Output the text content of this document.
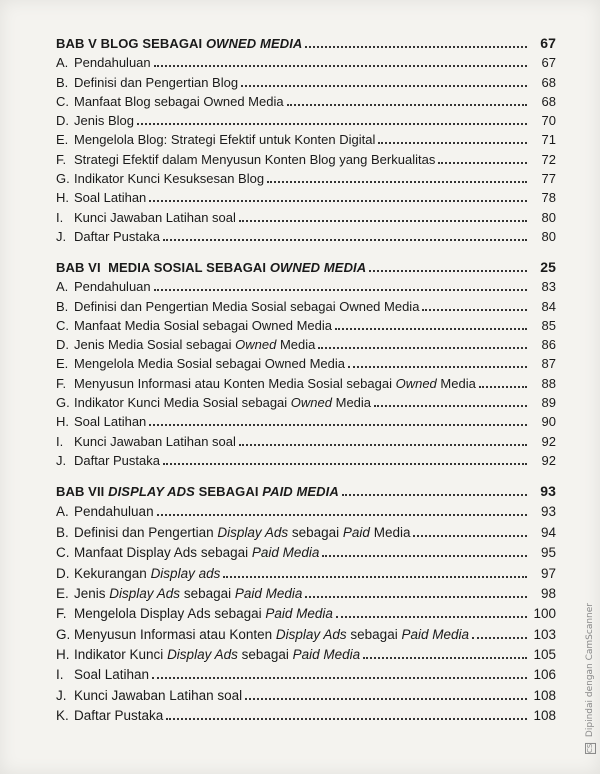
BAB V BLOG SEBAGAI OWNED MEDIA	67
A. Pendahuluan	67
B. Definisi dan Pengertian Blog	68
C. Manfaat Blog sebagai Owned Media	68
D. Jenis Blog	70
E. Mengelola Blog: Strategi Efektif untuk Konten Digital	71
F. Strategi Efektif dalam Menyusun Konten Blog yang Berkualitas	72
G. Indikator Kunci Kesuksesan Blog	77
H. Soal Latihan	78
I. Kunci Jawaban Latihan soal	80
J. Daftar Pustaka	80
BAB VI  MEDIA SOSIAL SEBAGAI OWNED MEDIA	25
A. Pendahuluan	83
B. Definisi dan Pengertian Media Sosial sebagai Owned Media	84
C. Manfaat Media Sosial sebagai Owned Media	85
D. Jenis Media Sosial sebagai Owned Media	86
E. Mengelola Media Sosial sebagai Owned Media	87
F. Menyusun Informasi atau Konten Media Sosial sebagai Owned Media	88
G. Indikator Kunci Media Sosial sebagai Owned Media	89
H. Soal Latihan	90
I. Kunci Jawaban Latihan soal	92
J. Daftar Pustaka	92
BAB VII DISPLAY ADS SEBAGAI PAID MEDIA	93
A. Pendahuluan	93
B. Definisi dan Pengertian Display Ads sebagai Paid Media	94
C. Manfaat Display Ads sebagai Paid Media	95
D. Kekurangan Display ads	97
E. Jenis Display Ads sebagai Paid Media	98
F. Mengelola Display Ads sebagai Paid Media	100
G. Menyusun Informasi atau Konten Display Ads sebagai Paid Media	103
H. Indikator Kunci Display Ads sebagai Paid Media	105
I. Soal Latihan	106
J. Kunci Jawaban Latihan soal	108
K. Daftar Pustaka	108
CS Dipindai dengan CamScanner
